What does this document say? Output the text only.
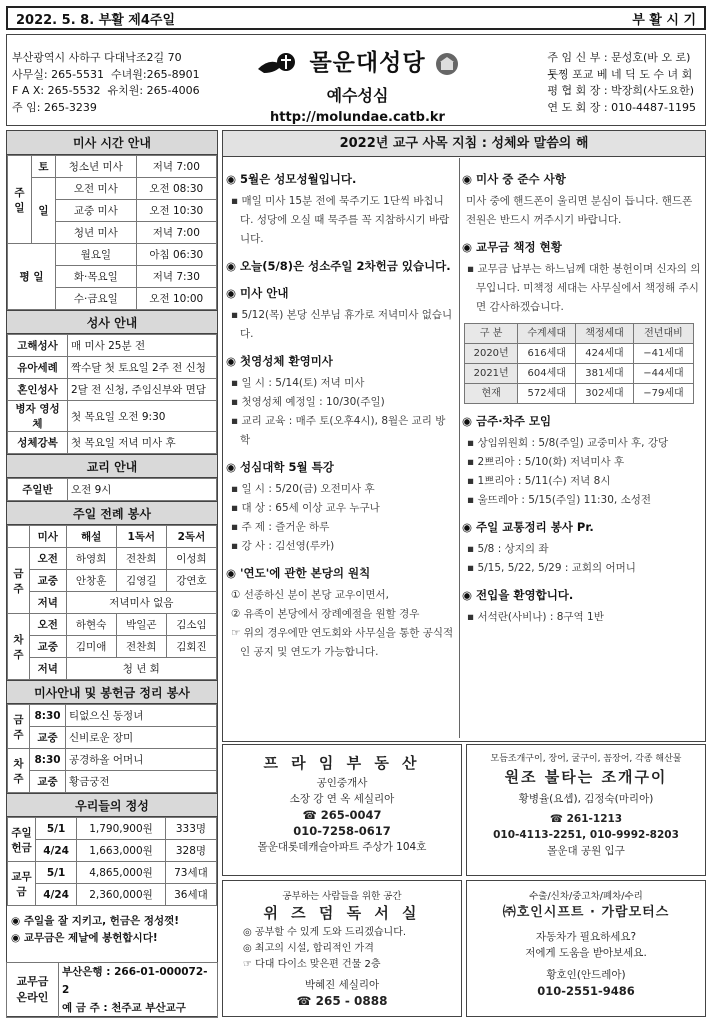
2022. 5. 8. 부활 제4주일	부 활 시 기
부산광역시 사하구 다대낙조2길 70
사무실: 265-5531 수녀원:265-8901
F A X: 265-5532 유치원: 265-4006
주 임: 265-3239
몰운대성당
예수성심
http://molundae.catb.kr
주 임 신 부 : 문성호(바 오 로)
툿찡 포교 베 네 딕 도 수 녀 회
평 협 회 장 : 박장희(사도요한)
연 도 회 장 : 010-4487-1195
미사 시간 안내
주 일	토	청소년 미사	저녁 7:00
	일	오전 미사	오전 08:30
		교중 미사	오전 10:30
		청년 미사	저녁 7:00
평 일		월요일	아침 06:30
		화·목요일	저녁 7:30
		수·금요일	오전 10:00
성사 안내
고해성사	매 미사 25분 전
유아세례	짝수달 첫 토요일 2주 전 신청
혼인성사	2달 전 신청, 주임신부와 면담
병자 영성체	첫 목요일 오전 9:30
성체강복	첫 목요일 저녁 미사 후
교리 안내
주일반	오전 9시
주일 전례 봉사
	미사	해설	1독서	2독서
금주	오전	하영희	전찬희	이성희
	교중	안창훈	김영길	강연호
	저녁	저녁미사 없음		
차주	오전	하현숙	박일곤	김소임
	교중	김미애	전찬희	김회진
	저녁	청 년 회		
미사안내 및 봉헌금 정리 봉사
금주	8:30	티없으신 동정녀
	교중	신비로운 장미
차주	8:30	공경하올 어머니
	교중	황금궁전
우리들의 정성
주일 헌금	5/1	1,790,900원	333명
	4/24	1,663,000원	328명
교무금	5/1	4,865,000원	73세대
	4/24	2,360,000원	36세대
◉ 주일을 잘 지키고, 헌금은 정성껏!
◉ 교무금은 제날에 봉헌합시다!
교무금 온라인	
부산은행 : 266-01-000072-2
예 금 주 : 천주교 부산교구
2022년 교구 사목 지침 : 성체와 말씀의 해
◉ 5월은 성모성월입니다.
▪ 매일 미사 15분 전에 묵주기도 1단씩 바칩니다. 성당에 오실 때 묵주를 꼭 지참하시기 바랍니다.
◉ 오늘(5/8)은 성소주일 2차헌금 있습니다.
◉ 미사 안내
▪ 5/12(목) 본당 신부님 휴가로 저녁미사 없습니다.
◉ 첫영성체 환영미사
▪ 일 시 : 5/14(토) 저녁 미사
▪ 첫영성체 예정일 : 10/30(주일)
▪ 교리 교육 : 매주 토(오후4시), 8월은 교리 방학
◉ 성심대학 5월 특강
▪ 일 시 : 5/20(금) 오전미사 후
▪ 대 상 : 65세 이상 교우 누구나
▪ 주 제 : 즐거운 하루
▪ 강 사 : 김선영(루카)
◉ '연도'에 관한 본당의 원칙
① 선종하신 분이 본당 교우이면서,
② 유족이 본당에서 장례예절을 원할 경우
☞ 위의 경우에만 연도회와 사무실을 통한 공식적인 공지 및 연도가 가능합니다.
◉ 미사 중 준수 사항
미사 중에 핸드폰이 울리면 분심이 듭니다. 핸드폰 전원은 반드시 꺼주시기 바랍니다.
◉ 교무금 책정 현황
▪ 교무금 납부는 하느님께 대한 봉헌이며 신자의 의무입니다. 미책정 세대는 사무실에서 책정해 주시면 감사하겠습니다.
구 분	수계세대	책정세대	전년대비
2020년	616세대	424세대	−41세대
2021년	604세대	381세대	−44세대
현재	572세대	302세대	−79세대
◉ 금주·차주 모임
▪ 상임위원회 : 5/8(주일) 교중미사 후, 강당
▪ 2쁘리아 : 5/10(화) 저녁미사 후
▪ 1쁘리아 : 5/11(수) 저녁 8시
▪ 울뜨레아 : 5/15(주일) 11:30, 소성전
◉ 주일 교통정리 봉사 Pr.
▪ 5/8 : 상지의 좌
▪ 5/15, 5/22, 5/29 : 교회의 어머니
◉ 전입을 환영합니다.
▪ 서석란(사비나) : 8구역 1반
프 라 임 부 동 산
공인중개사
소장 강 연 옥 세실리아
☎ 265-0047
010-7258-0617
몰운대롯데캐슬아파트 주상가 104호
모듬조개구이, 장어, 굴구이, 꼼장어, 각종 해산물
원조 불타는 조개구이
황병율(요셉), 김정숙(마리아)
☎ 261-1213
010-4113-2251, 010-9992-8203
몰운대 공원 입구
공부하는 사람들을 위한 공간
위 즈 덤 독 서 실
◎ 공부할 수 있게 도와 드리겠습니다.
◎ 최고의 시설, 합리적인 가격
☞ 다대 다이소 맞은편 건물 2층
박혜진 세실리아
☎ 265 - 0888
수출/신차/중고차/폐차/수리
㈜호인시프트 · 가람모터스
자동차가 필요하세요?
저에게 도움을 받아보세요.
황호인(안드레아)
010-2551-9486
